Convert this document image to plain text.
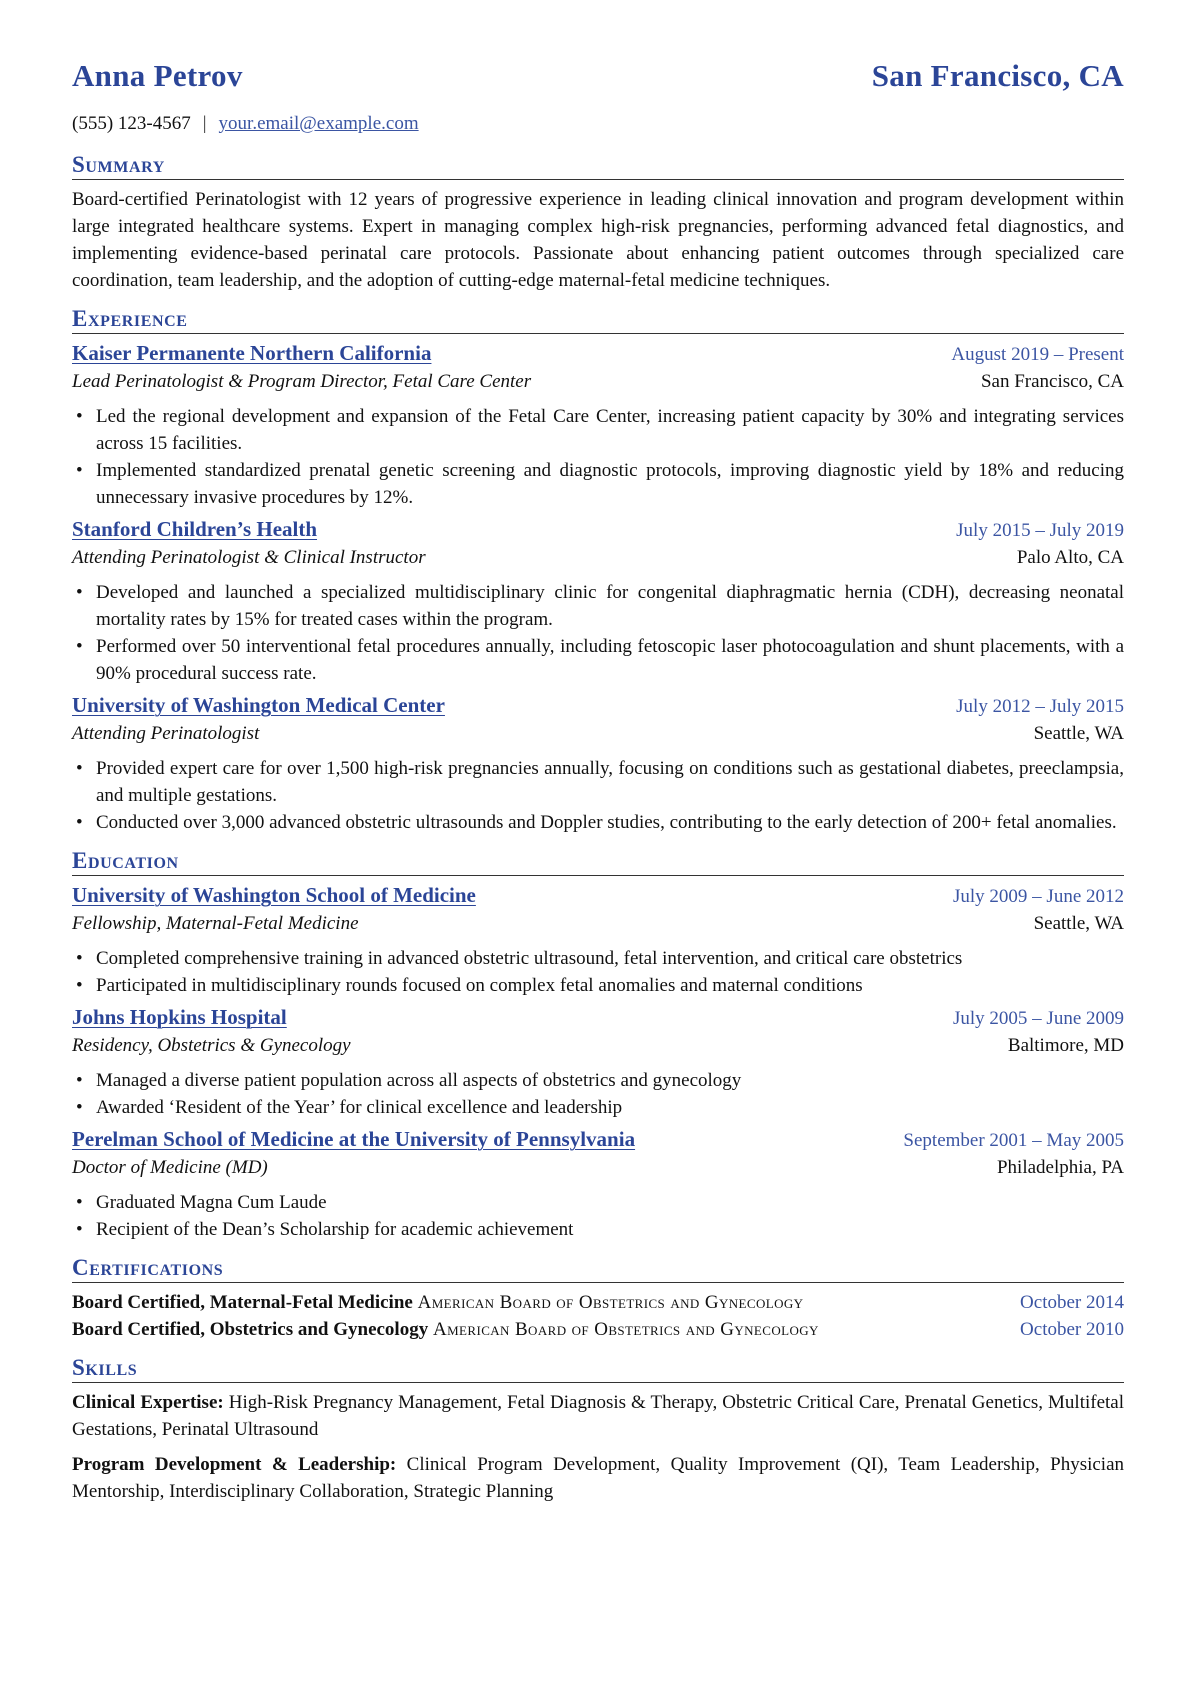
Anna Petrov	San Francisco, CA
(555) 123-4567 | your.email@example.com
Summary

Board-certified Perinatologist with 12 years of progressive experience in leading clinical innovation and program development within large integrated healthcare systems. Expert in managing complex high-risk pregnancies, performing advanced fetal diagnostics, and implementing evidence-based perinatal care protocols. Passionate about enhancing patient outcomes through specialized care coordination, team leadership, and the adoption of cutting-edge maternal-fetal medicine techniques.

Experience
Kaiser Permanente Northern California	August 2019 – Present
Lead Perinatologist & Program Director, Fetal Care Center	San Francisco, CA
• Led the regional development and expansion of the Fetal Care Center, increasing patient capacity by 30% and integrating services across 15 facilities.
• Implemented standardized prenatal genetic screening and diagnostic protocols, improving diagnostic yield by 18% and reducing unnecessary invasive procedures by 12%.
Stanford Children’s Health	July 2015 – July 2019
Attending Perinatologist & Clinical Instructor	Palo Alto, CA
• Developed and launched a specialized multidisciplinary clinic for congenital diaphragmatic hernia (CDH), decreasing neonatal mortality rates by 15% for treated cases within the program.
• Performed over 50 interventional fetal procedures annually, including fetoscopic laser photocoagulation and shunt placements, with a 90% procedural success rate.
University of Washington Medical Center	July 2012 – July 2015
Attending Perinatologist	Seattle, WA
• Provided expert care for over 1,500 high-risk pregnancies annually, focusing on conditions such as gestational diabetes, preeclampsia, and multiple gestations.
• Conducted over 3,000 advanced obstetric ultrasounds and Doppler studies, contributing to the early detection of 200+ fetal anomalies.
Education
University of Washington School of Medicine	July 2009 – June 2012
Fellowship, Maternal-Fetal Medicine	Seattle, WA
• Completed comprehensive training in advanced obstetric ultrasound, fetal intervention, and critical care obstetrics
• Participated in multidisciplinary rounds focused on complex fetal anomalies and maternal conditions
Johns Hopkins Hospital	July 2005 – June 2009
Residency, Obstetrics & Gynecology	Baltimore, MD
• Managed a diverse patient population across all aspects of obstetrics and gynecology
• Awarded ‘Resident of the Year’ for clinical excellence and leadership
Perelman School of Medicine at the University of Pennsylvania	September 2001 – May 2005
Doctor of Medicine (MD)	Philadelphia, PA
• Graduated Magna Cum Laude
• Recipient of the Dean’s Scholarship for academic achievement
Certifications
Board Certified, Maternal-Fetal Medicine American Board of Obstetrics and Gynecology	October 2014
Board Certified, Obstetrics and Gynecology American Board of Obstetrics and Gynecology	October 2010
Skills
Clinical Expertise: High-Risk Pregnancy Management, Fetal Diagnosis & Therapy, Obstetric Critical Care, Prenatal Genetics, Multifetal Gestations, Perinatal Ultrasound
Program Development & Leadership: Clinical Program Development, Quality Improvement (QI), Team Leadership, Physician Mentorship, Interdisciplinary Collaboration, Strategic Planning
